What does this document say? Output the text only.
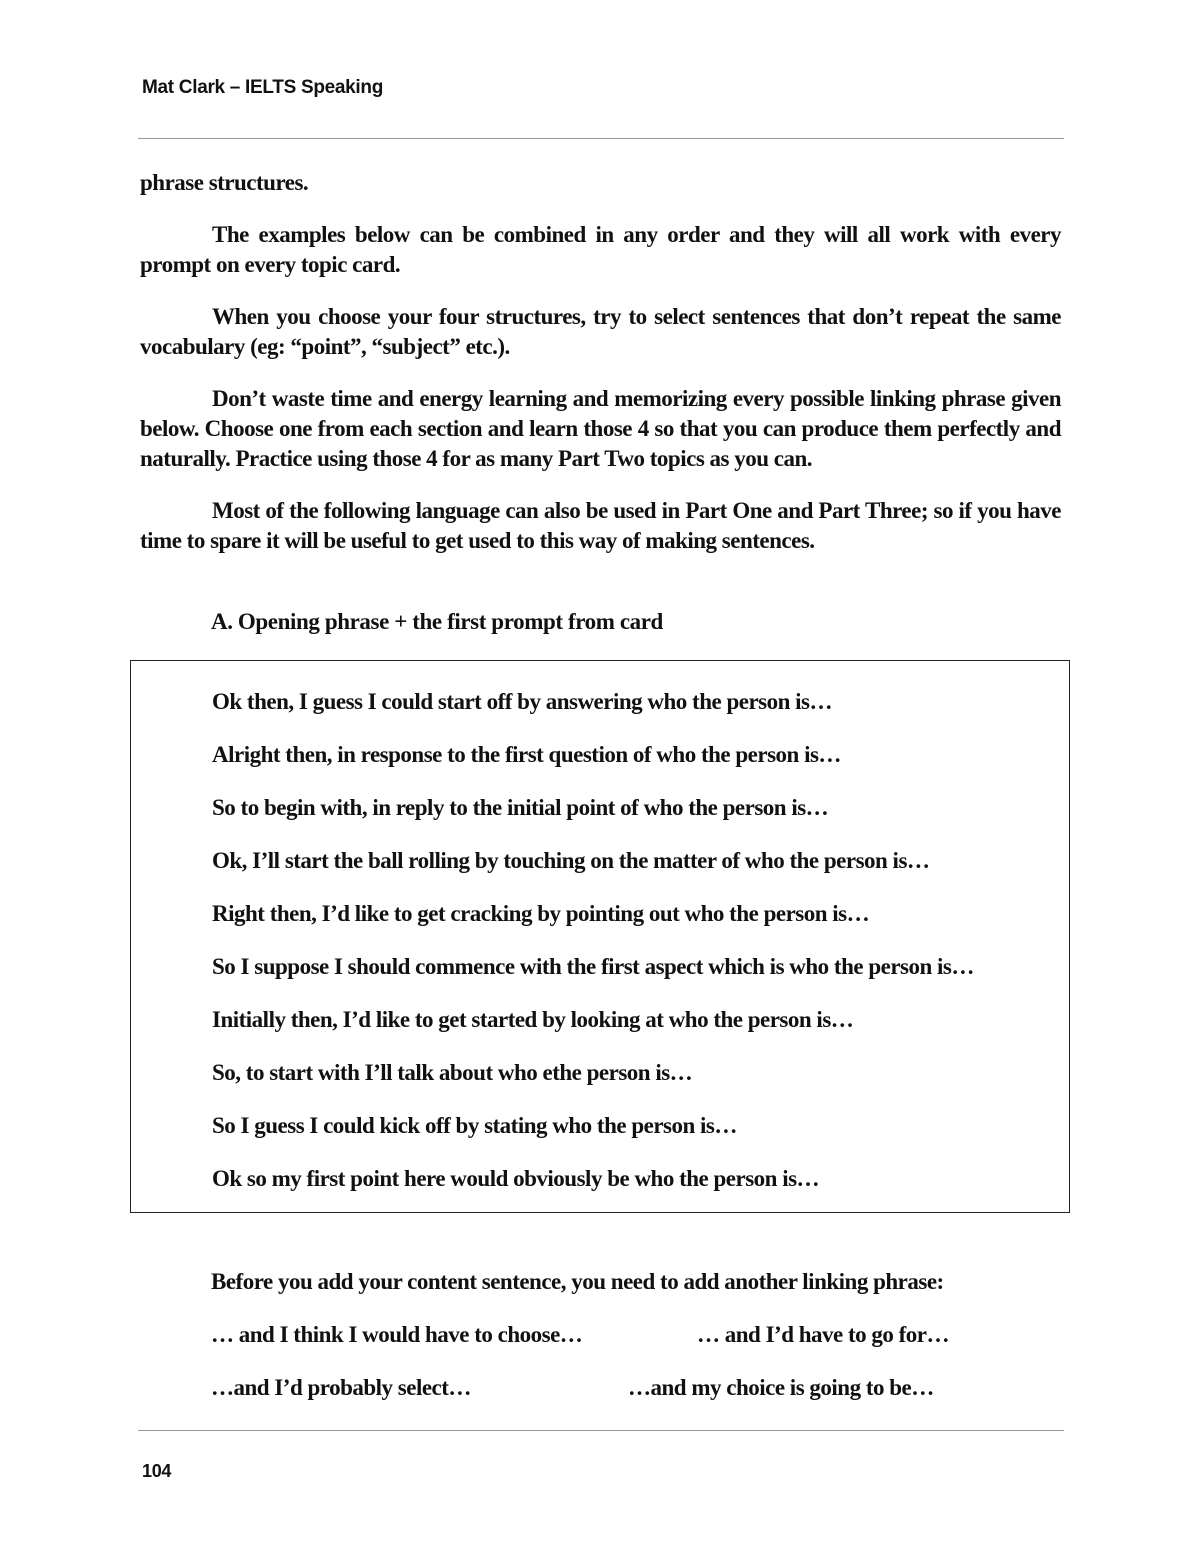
Mat Clark – IELTS Speaking

phrase structures.

The examples below can be combined in any order and they will all work with every prompt on every topic card.

When you choose your four structures, try to select sentences that don’t repeat the same vocabulary (eg: “point”, “subject” etc.).

Don’t waste time and energy learning and memorizing every possible linking phrase given below. Choose one from each section and learn those 4 so that you can produce them perfectly and naturally. Practice using those 4 for as many Part Two topics as you can.

Most of the following language can also be used in Part One and Part Three; so if you have time to spare it will be useful to get used to this way of making sentences.

A. Opening phrase + the first prompt from card
Ok then, I guess I could start off by answering who the person is…
Alright then, in response to the first question of who the person is…
So to begin with, in reply to the initial point of who the person is…
Ok, I’ll start the ball rolling by touching on the matter of who the person is…
Right then, I’d like to get cracking by pointing out who the person is…
So I suppose I should commence with the first aspect which is who the person is…
Initially then, I’d like to get started by looking at who the person is…
So, to start with I’ll talk about who ethe person is…
So I guess I could kick off by stating who the person is…
Ok so my first point here would obviously be who the person is…
Before you add your content sentence, you need to add another linking phrase:
… and I think I would have to choose…	… and I’d have to go for…
…and I’d probably select…	…and my choice is going to be…
104
